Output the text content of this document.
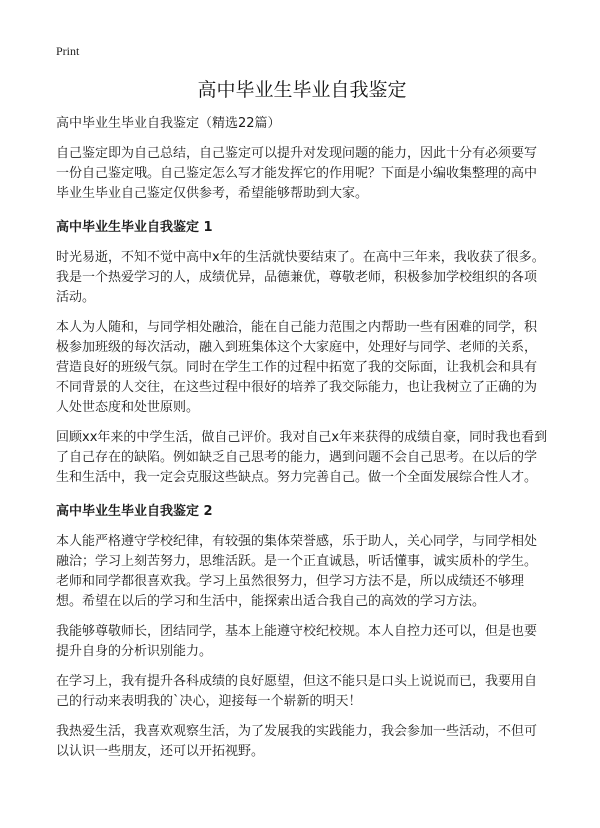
Print
高中毕业生毕业自我鉴定

高中毕业生毕业自我鉴定（精选22篇）

自己鉴定即为自己总结，自己鉴定可以提升对发现问题的能力，因此十分有必须要写一份自己鉴定哦。自己鉴定怎么写才能发挥它的作用呢？下面是小编收集整理的高中毕业生毕业自己鉴定仅供参考，希望能够帮助到大家。

高中毕业生毕业自我鉴定 1

时光易逝，不知不觉中高中x年的生活就快要结束了。在高中三年来，我收获了很多。我是一个热爱学习的人，成绩优异，品德兼优，尊敬老师，积极参加学校组织的各项活动。

本人为人随和，与同学相处融洽，能在自己能力范围之内帮助一些有困难的同学，积极参加班级的每次活动，融入到班集体这个大家庭中，处理好与同学、老师的关系，营造良好的班级气氛。同时在学生工作的过程中拓宽了我的交际面，让我机会和具有不同背景的人交往，在这些过程中很好的培养了我交际能力，也让我树立了正确的为人处世态度和处世原则。

回顾xx年来的中学生活，做自己评价。我对自己x年来获得的成绩自豪，同时我也看到了自己存在的缺陷。例如缺乏自己思考的能力，遇到问题不会自己思考。在以后的学生和生活中，我一定会克服这些缺点。努力完善自己。做一个全面发展综合性人才。

高中毕业生毕业自我鉴定 2

本人能严格遵守学校纪律，有较强的集体荣誉感，乐于助人，关心同学，与同学相处融洽；学习上刻苦努力，思维活跃。是一个正直诚恳，听话懂事，诚实质朴的学生。老师和同学都很喜欢我。学习上虽然很努力，但学习方法不是，所以成绩还不够理想。希望在以后的学习和生活中，能探索出适合我自己的高效的学习方法。

我能够尊敬师长，团结同学，基本上能遵守校纪校规。本人自控力还可以，但是也要提升自身的分析识别能力。

在学习上，我有提升各科成绩的良好愿望，但这不能只是口头上说说而已，我要用自己的行动来表明我的`决心，迎接每一个崭新的明天！

我热爱生活，我喜欢观察生活，为了发展我的实践能力，我会参加一些活动，不但可以认识一些朋友，还可以开拓视野。
